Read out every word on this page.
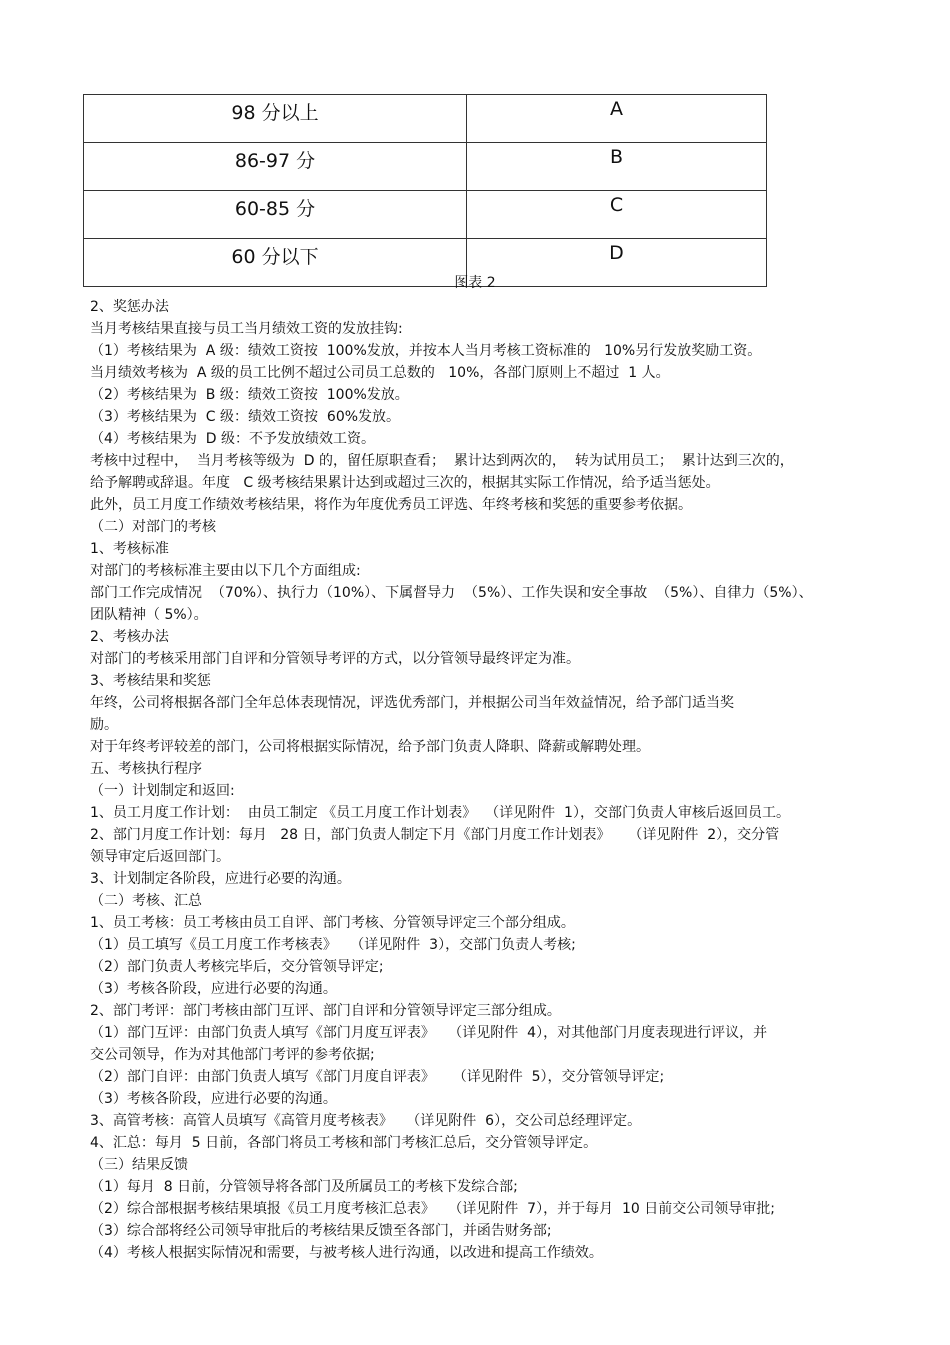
98 分以上	A
86-97 分	B
60-85 分	C
60 分以下	D
图表 2

2、奖惩办法

当月考核结果直接与员工当月绩效工资的发放挂钩:

（1）考核结果为  A 级：绩效工资按  100%发放，并按本人当月考核工资标准的   10%另行发放奖励工资。

当月绩效考核为  A 级的员工比例不超过公司员工总数的   10%，各部门原则上不超过  1 人。

（2）考核结果为  B 级：绩效工资按  100%发放。

（3）考核结果为  C 级：绩效工资按  60%发放。

（4）考核结果为  D 级：不予发放绩效工资。

考核中过程中，  当月考核等级为  D 的，留任原职查看；  累计达到两次的，  转为试用员工；  累计达到三次的，

给予解聘或辞退。年度   C 级考核结果累计达到或超过三次的，根据其实际工作情况，给予适当惩处。

此外，员工月度工作绩效考核结果，将作为年度优秀员工评选、年终考核和奖惩的重要参考依据。

（二）对部门的考核

1、考核标准

对部门的考核标准主要由以下几个方面组成:

部门工作完成情况  （70%）、执行力（10%）、下属督导力  （5%）、工作失误和安全事故  （5%）、自律力（5%）、

团队精神（ 5%）。

2、考核办法

对部门的考核采用部门自评和分管领导考评的方式，以分管领导最终评定为准。

3、考核结果和奖惩

年终，公司将根据各部门全年总体表现情况，评选优秀部门，并根据公司当年效益情况，给予部门适当奖

励。

对于年终考评较差的部门，公司将根据实际情况，给予部门负责人降职、降薪或解聘处理。

五、考核执行程序

（一）计划制定和返回:

1、员工月度工作计划：  由员工制定 《员工月度工作计划表》  （详见附件  1），交部门负责人审核后返回员工。

2、部门月度工作计划：每月   28 日，部门负责人制定下月《部门月度工作计划表》    （详见附件  2），交分管

领导审定后返回部门。

3、计划制定各阶段，应进行必要的沟通。

（二）考核、汇总

1、员工考核：员工考核由员工自评、部门考核、分管领导评定三个部分组成。

（1）员工填写《员工月度工作考核表》   （详见附件  3），交部门负责人考核;

（2）部门负责人考核完毕后，交分管领导评定;

（3）考核各阶段，应进行必要的沟通。

2、部门考评：部门考核由部门互评、部门自评和分管领导评定三部分组成。

（1）部门互评：由部门负责人填写《部门月度互评表》   （详见附件  4），对其他部门月度表现进行评议，并

交公司领导，作为对其他部门考评的参考依据;

（2）部门自评：由部门负责人填写《部门月度自评表》    （详见附件  5），交分管领导评定;

（3）考核各阶段，应进行必要的沟通。

3、高管考核：高管人员填写《高管月度考核表》   （详见附件  6），交公司总经理评定。

4、汇总：每月  5 日前，各部门将员工考核和部门考核汇总后，交分管领导评定。

（三）结果反馈

（1）每月  8 日前，分管领导将各部门及所属员工的考核下发综合部;

（2）综合部根据考核结果填报《员工月度考核汇总表》   （详见附件  7），并于每月  10 日前交公司领导审批;

（3）综合部将经公司领导审批后的考核结果反馈至各部门，并函告财务部;

（4）考核人根据实际情况和需要，与被考核人进行沟通，以改进和提高工作绩效。
